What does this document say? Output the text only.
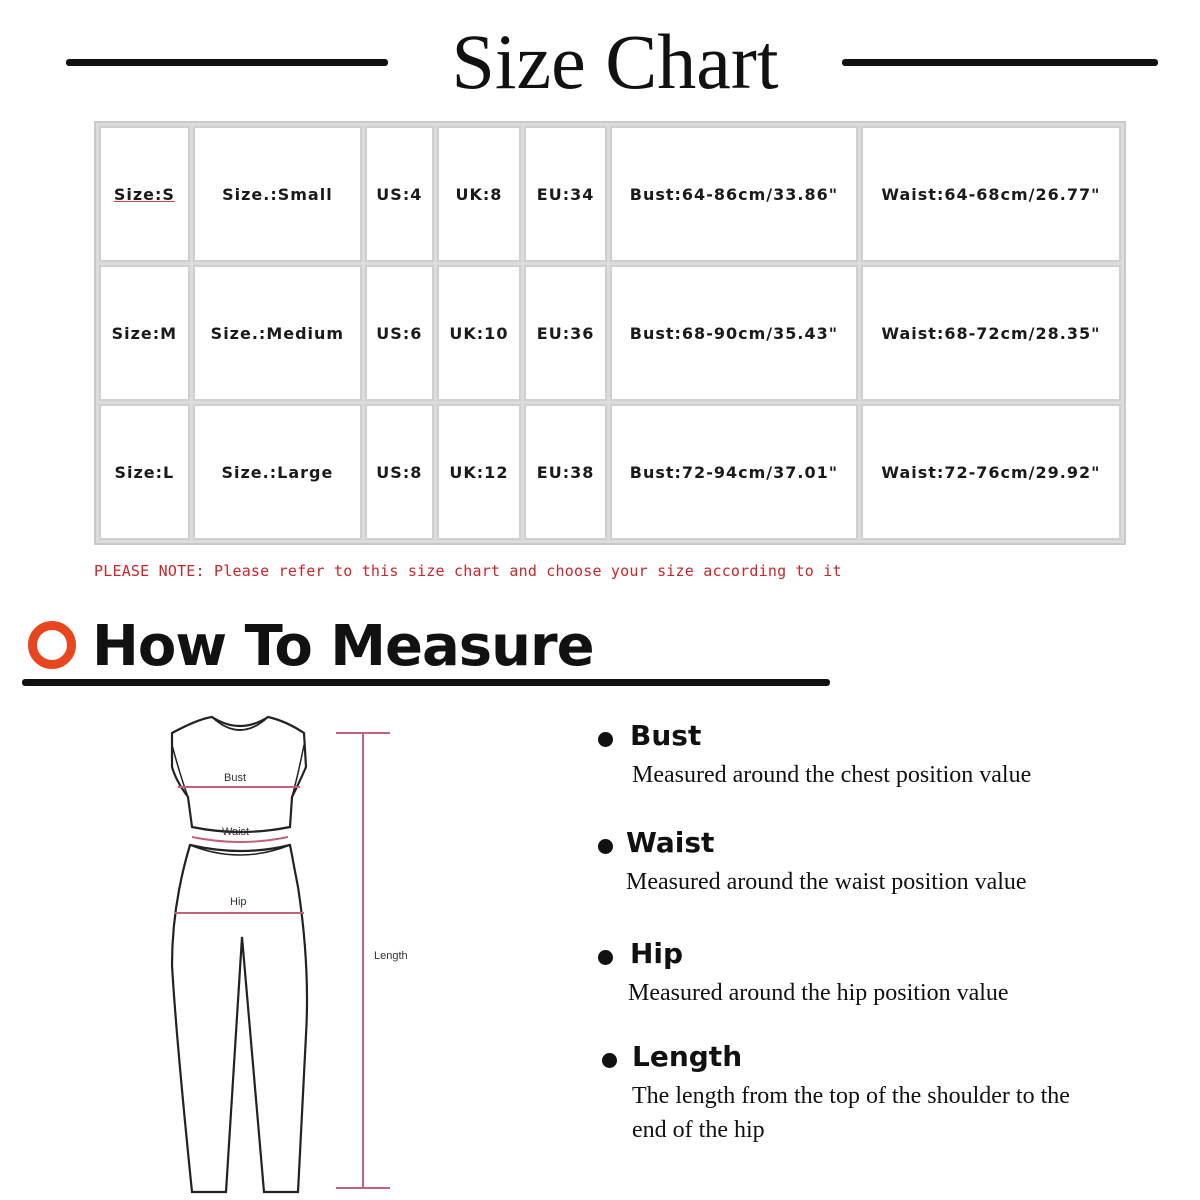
Size Chart
Size:S	Size.:Small	US:4	UK:8	EU:34	Bust:64-86cm/33.86"	Waist:64-68cm/26.77"
Size:M	Size.:Medium	US:6	UK:10	EU:36	Bust:68-90cm/35.43"	Waist:68-72cm/28.35"
Size:L	Size.:Large	US:8	UK:12	EU:38	Bust:72-94cm/37.01"	Waist:72-76cm/29.92"
PLEASE NOTE: Please refer to this size chart and choose your size according to it
How To Measure
Bust
Waist
Hip
Length
Bust
Measured around the chest position value
Waist
Measured around the waist position value
Hip
Measured around the hip position value
Length
The length from the top of the shoulder to the end of the hip
